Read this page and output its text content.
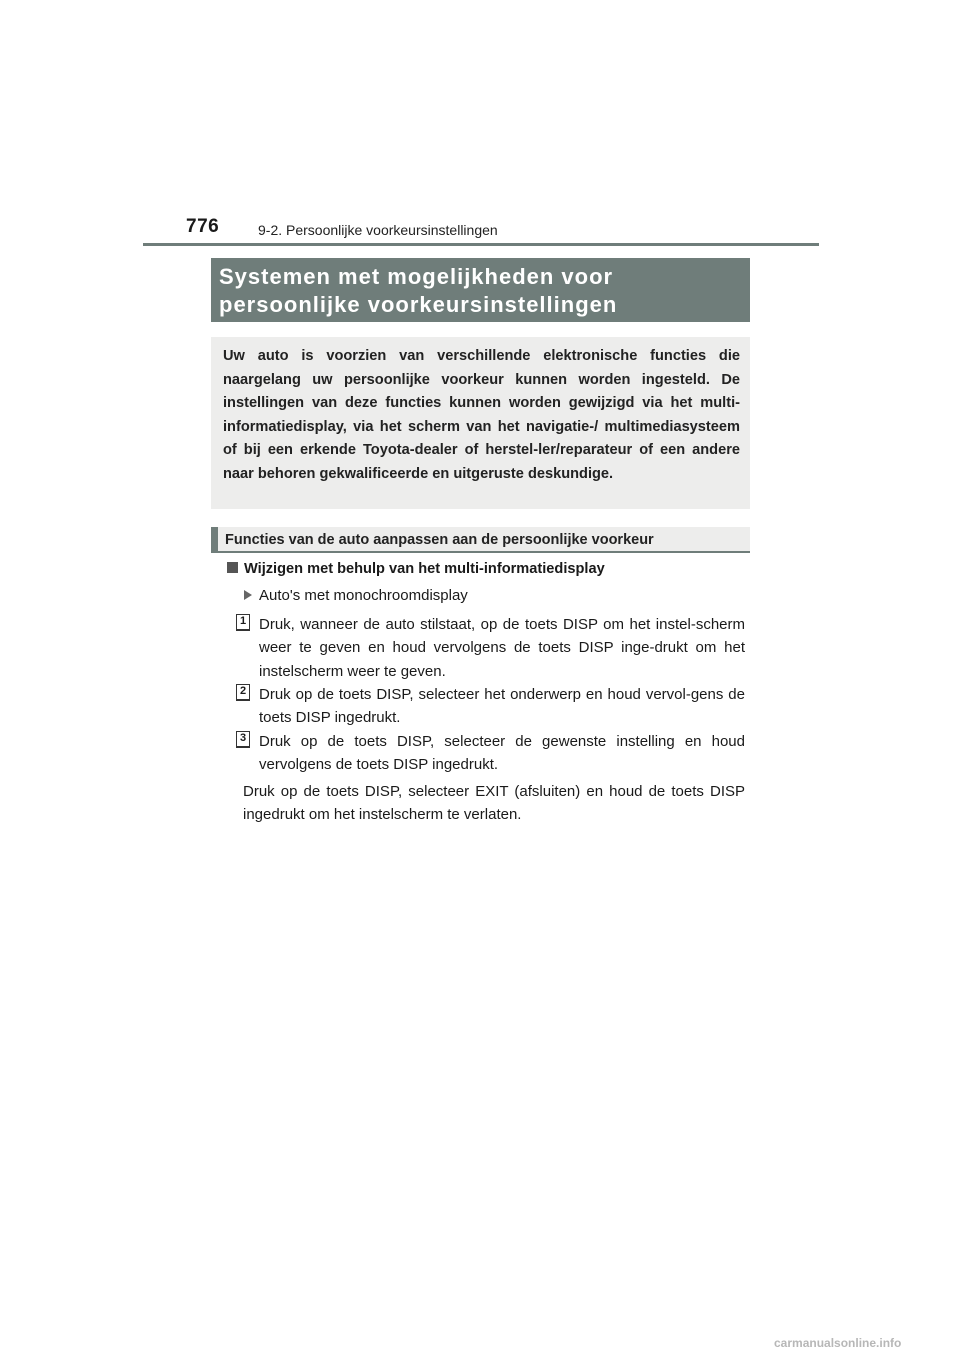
776	9-2. Persoonlijke voorkeursinstellingen
Systemen met mogelijkheden voor
persoonlijke voorkeursinstellingen
Uw auto is voorzien van verschillende elektronische functies die naargelang uw persoonlijke voorkeur kunnen worden ingesteld. De instellingen van deze functies kunnen worden gewijzigd via het multi-informatiedisplay, via het scherm van het navigatie-/ multimediasysteem of bij een erkende Toyota-dealer of herstel-ler/reparateur of een andere naar behoren gekwalificeerde en uitgeruste deskundige.
Functies van de auto aanpassen aan de persoonlijke voorkeur
Wijzigen met behulp van het multi-informatiedisplay
Auto's met monochroomdisplay
1 Druk, wanneer de auto stilstaat, op de toets DISP om het instel-scherm weer te geven en houd vervolgens de toets DISP inge-drukt om het instelscherm weer te geven.
2 Druk op de toets DISP, selecteer het onderwerp en houd vervol-gens de toets DISP ingedrukt.
3 Druk op de toets DISP, selecteer de gewenste instelling en houd vervolgens de toets DISP ingedrukt.
Druk op de toets DISP, selecteer EXIT (afsluiten) en houd de toets DISP ingedrukt om het instelscherm te verlaten.
carmanualsonline.info
